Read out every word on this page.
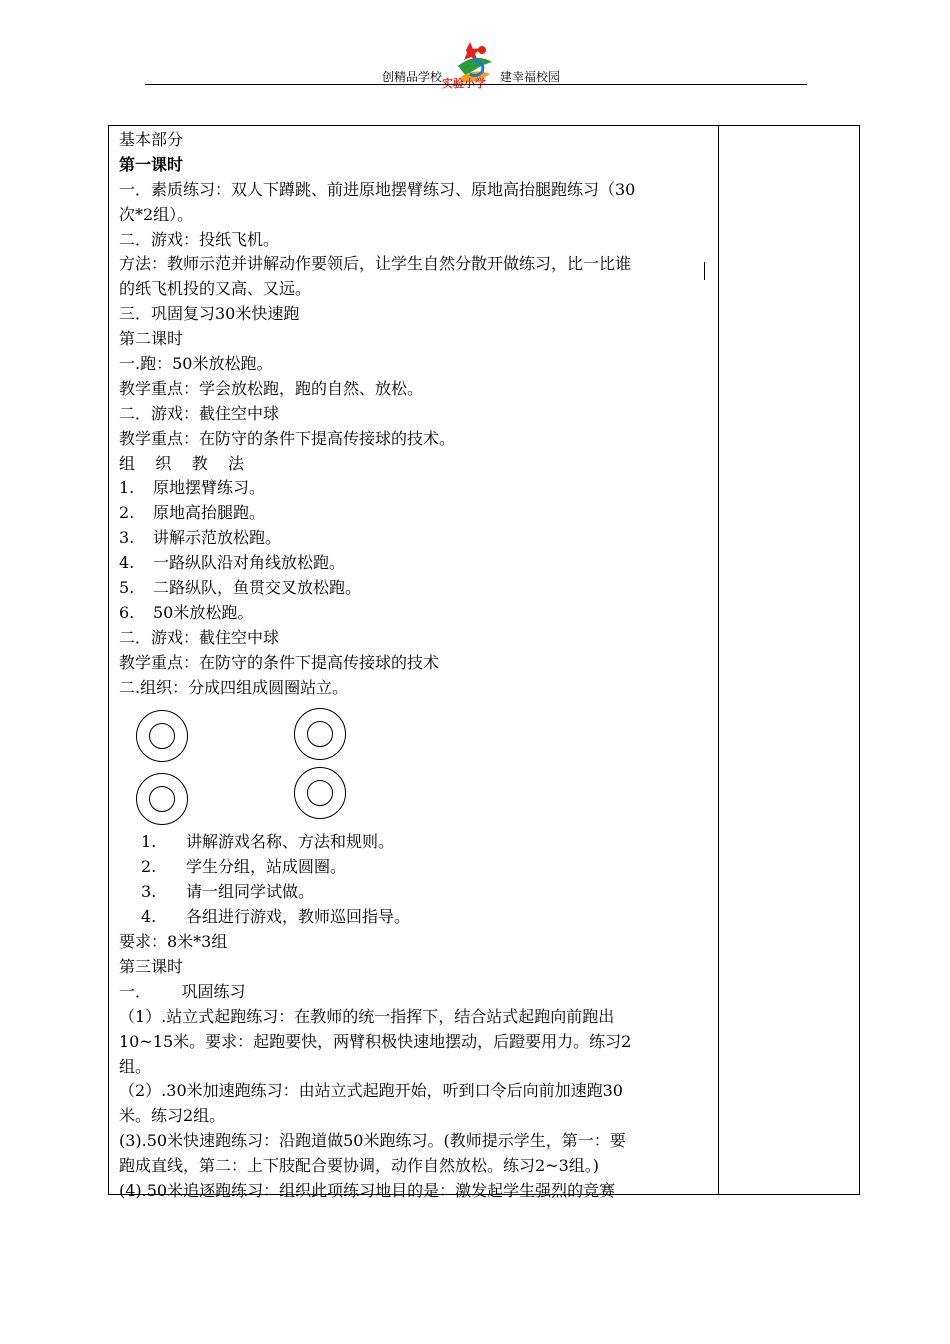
创精品学校 实验小学 建幸福校园
基本部分
第一课时
一．素质练习：双人下蹲跳、前进原地摆臂练习、原地高抬腿跑练习（30
次*2组）。
二．游戏：投纸飞机。
方法：教师示范并讲解动作要领后，让学生自然分散开做练习，比一比谁
的纸飞机投的又高、又远。
三．巩固复习30米快速跑
第二课时
一.跑：50米放松跑。
教学重点：学会放松跑，跑的自然、放松。
二．游戏：截住空中球
教学重点：在防守的条件下提高传接球的技术。
组    织    教    法
1.	原地摆臂练习。
2.	原地高抬腿跑。
3.	讲解示范放松跑。
4.	一路纵队沿对角线放松跑。
5.	二路纵队，鱼贯交叉放松跑。
6.	50米放松跑。
二．游戏：截住空中球
教学重点：在防守的条件下提高传接球的技术
二.组织：分成四组成圆圈站立。
1.	讲解游戏名称、方法和规则。
2.	学生分组，站成圆圈。
3.	请一组同学试做。
4.	各组进行游戏，教师巡回指导。
要求：8米*3组
第三课时
一．      巩固练习
（1）.站立式起跑练习：在教师的统一指挥下，结合站式起跑向前跑出
10~15米。要求：起跑要快，两臂积极快速地摆动，后蹬要用力。练习2
组。
（2）.30米加速跑练习：由站立式起跑开始，听到口令后向前加速跑30
米。练习2组。
(3).50米快速跑练习：沿跑道做50米跑练习。(教师提示学生，第一：要
跑成直线，第二：上下肢配合要协调，动作自然放松。练习2~3组。)
(4).50米追逐跑练习：组织此项练习地目的是：激发起学生强烈的竞赛
